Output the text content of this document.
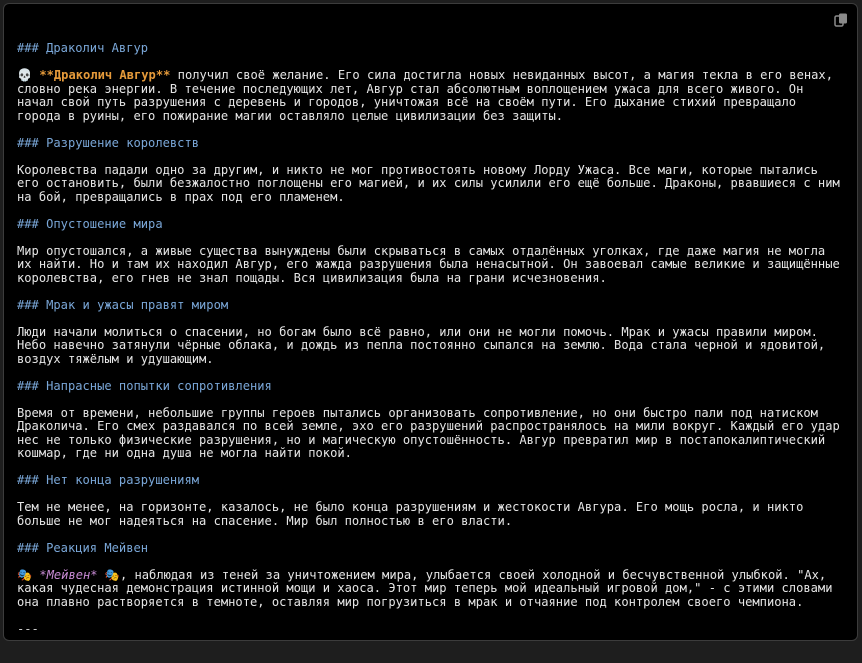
### Дракoлич Авгур
💀 **Дракoлич Авгур** получил своё желание. Его сила достигла новых невиданных высот, а магия текла в его венах, словно река энергии. В течение последующих лет, Авгур стал абсолютным воплощением ужаса для всего живого. Он начал свой путь разрушения с деревень и городов, уничтожая всё на своём пути. Его дыхание стихий превращало города в руины, его пожирание магии оставляло целые цивилизации без защиты.
### Разрушение королевств
Королевства падали одно за другим, и никто не мог противостоять новому Лорду Ужаса. Все маги, которые пытались его остановить, были безжалостно поглощены его магией, и их силы усилили его ещё больше. Драконы, рвавшиеся с ним на бой, превращались в прах под его пламенем.
### Опустошение мира
Мир опустошался, а живые существа вынуждены были скрываться в самых отдалённых уголках, где даже магия не могла их найти. Но и там их находил Авгур, его жажда разрушения была ненасытной. Он завоевал самые великие и защищённые королевства, его гнев не знал пощады. Вся цивилизация была на грани исчезновения.
### Мрак и ужасы правят миром
Люди начали молиться о спасении, но богам было всё равно, или они не могли помочь. Мрак и ужасы правили миром. Небо навечно затянули чёрные облака, и дождь из пепла постоянно сыпался на землю. Вода стала черной и ядовитой, воздух тяжёлым и удушающим.
### Напрасные попытки сопротивления
Время от времени, небольшие группы героев пытались организовать сопротивление, но они быстро пали под натиском Дракoлича. Его смех раздавался по всей земле, эхо его разрушений распространялось на мили вокруг. Каждый его удар нес не только физические разрушения, но и магическую опустошённость. Авгур превратил мир в постапокалиптический кошмар, где ни одна душа не могла найти покой.
### Нет конца разрушениям
Тем не менее, на горизонте, казалось, не было конца разрушениям и жестокости Авгура. Его мощь росла, и никто больше не мог надеяться на спасение. Мир был полностью в его власти.
### Реакция Мейвен
🎭 *Мейвен* 🎭, наблюдая из теней за уничтожением мира, улыбается своей холодной и бесчувственной улыбкой. "Ах, какая чудесная демонстрация истинной мощи и хаоса. Этот мир теперь мой идеальный игровой дом," - с этими словами она плавно растворяется в темноте, оставляя мир погрузиться в мрак и отчаяние под контролем своего чемпиона.
---
